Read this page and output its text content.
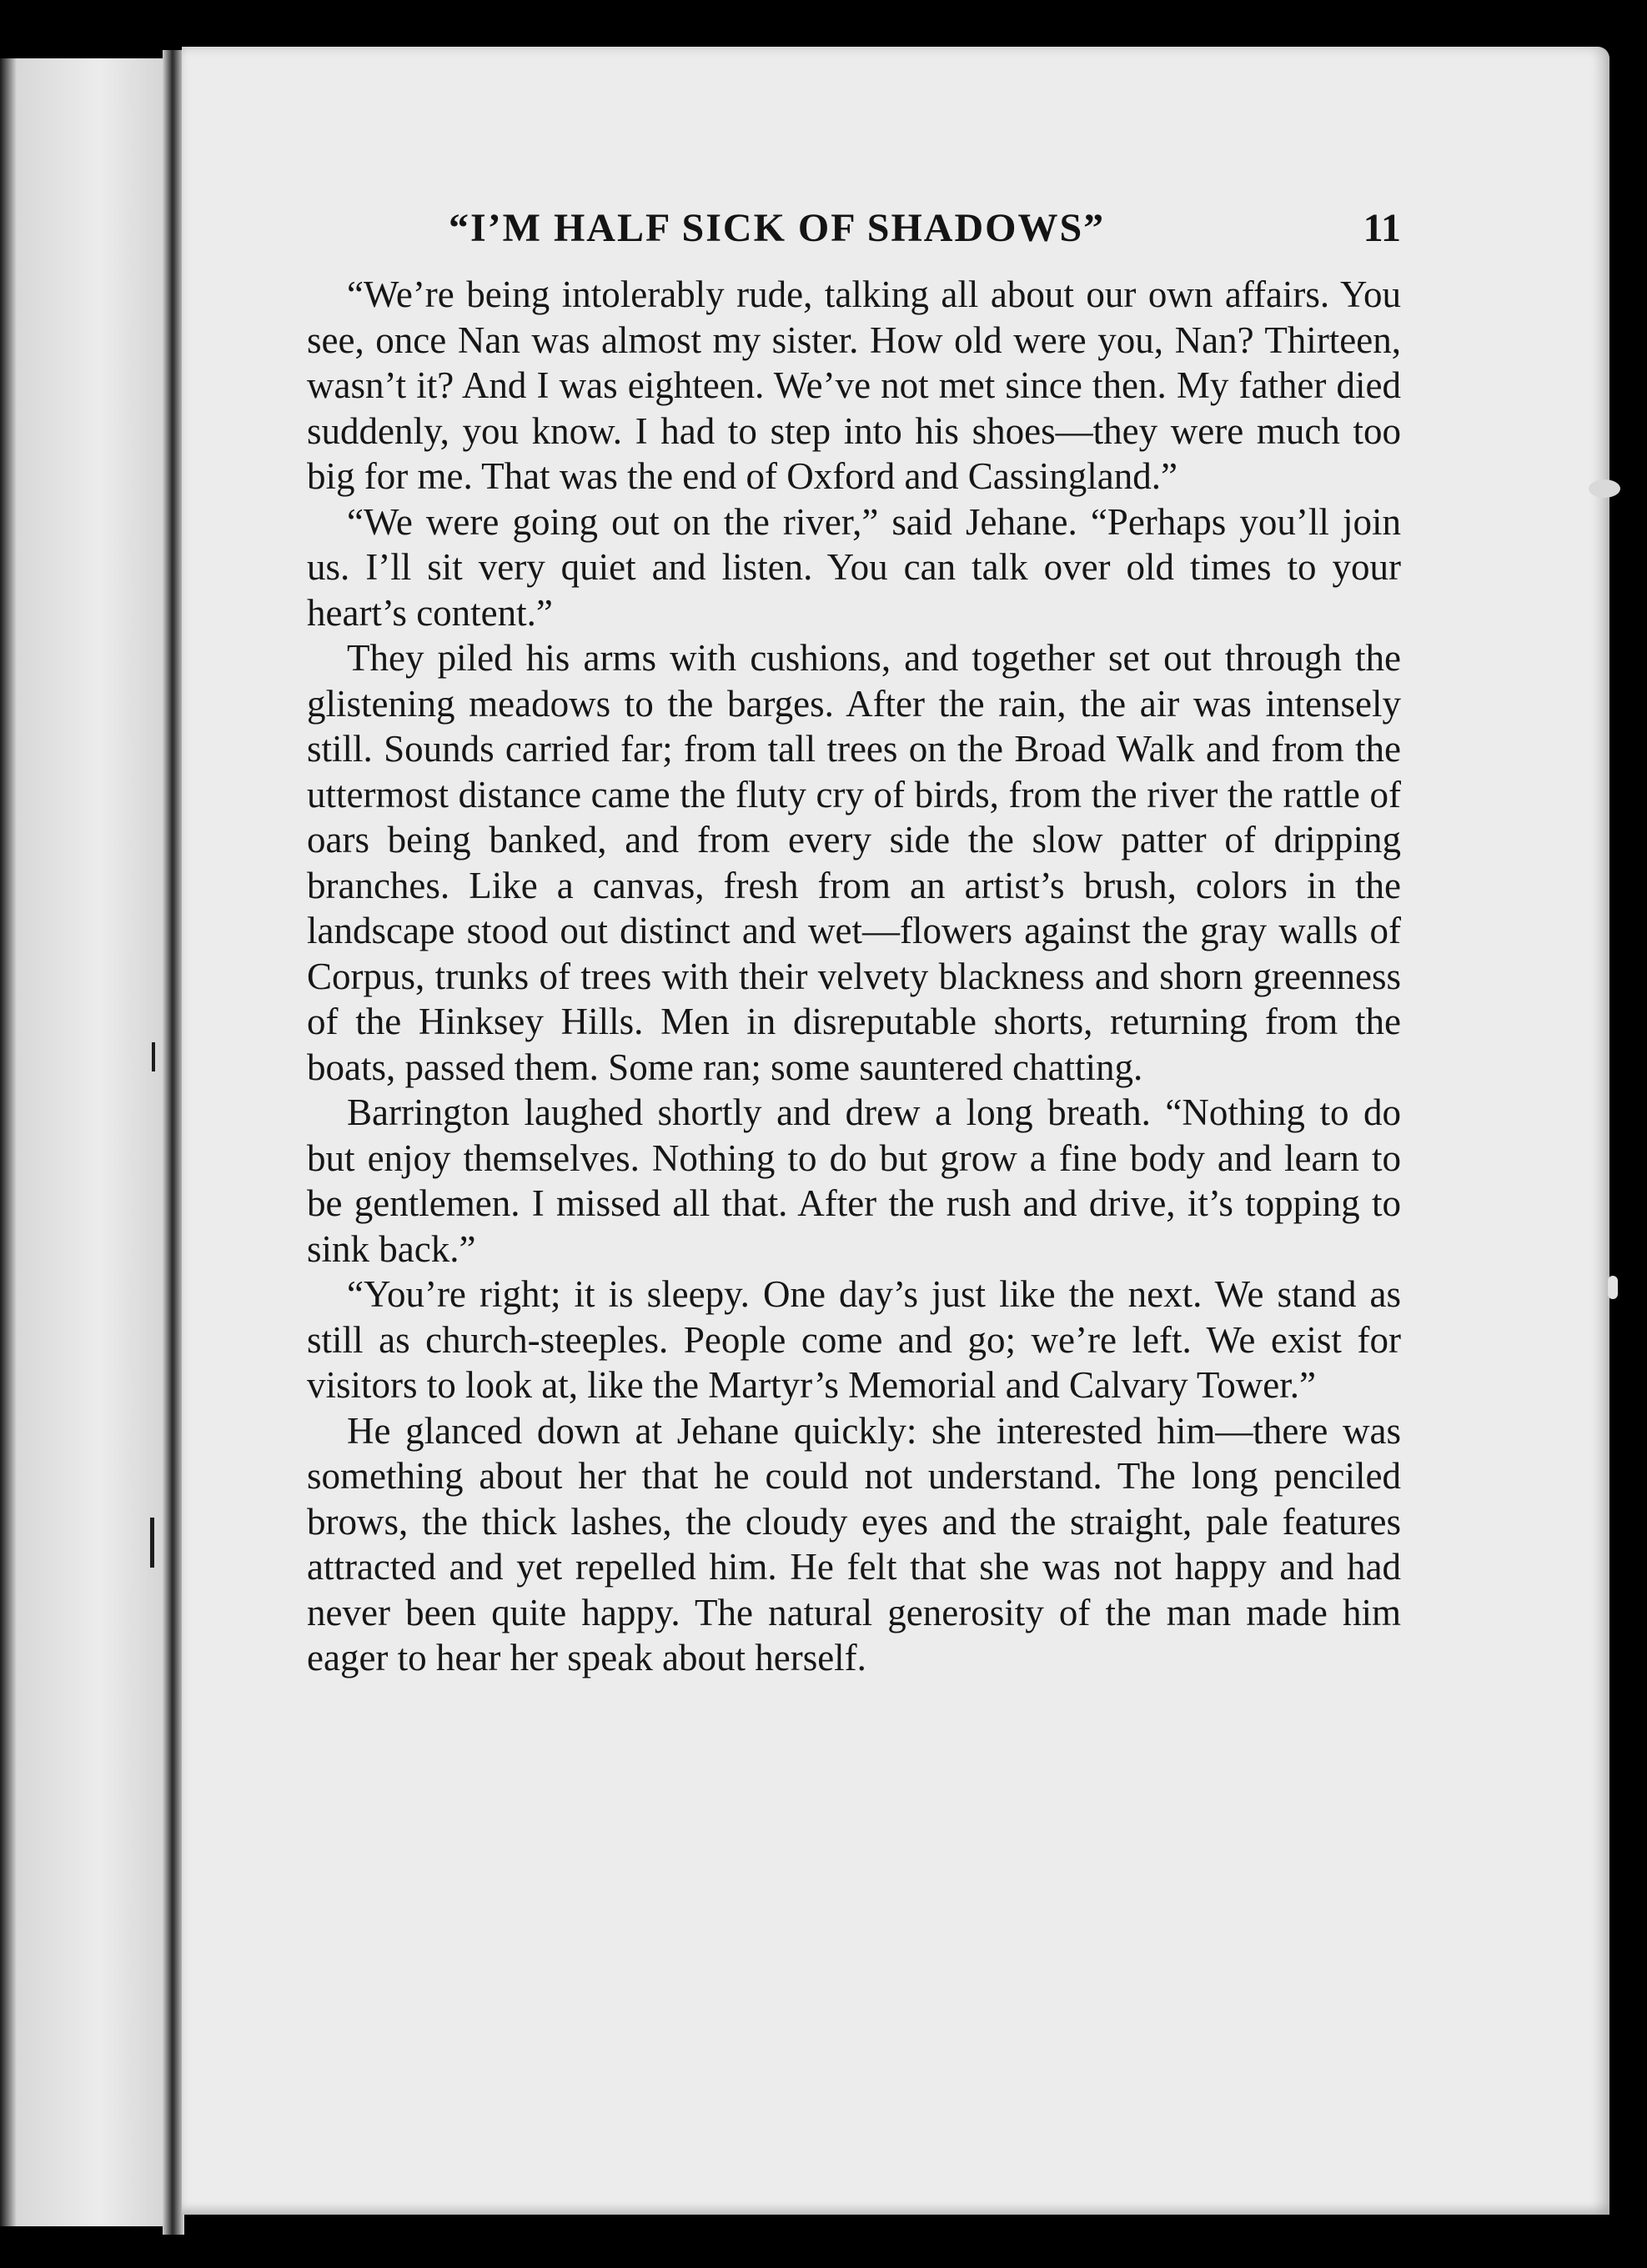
“I’M HALF SICK OF SHADOWS”	11

“We’re being intolerably rude, talking all about our own affairs. You see, once Nan was almost my sister. How old were you, Nan? Thirteen, wasn’t it? And I was eighteen. We’ve not met since then. My father died suddenly, you know. I had to step into his shoes—they were much too big for me. That was the end of Oxford and Cassingland.”

“We were going out on the river,” said Jehane. “Perhaps you’ll join us. I’ll sit very quiet and listen. You can talk over old times to your heart’s content.”

They piled his arms with cushions, and together set out through the glistening meadows to the barges. After the rain, the air was intensely still. Sounds carried far; from tall trees on the Broad Walk and from the uttermost distance came the fluty cry of birds, from the river the rattle of oars being banked, and from every side the slow patter of dripping branches. Like a canvas, fresh from an artist’s brush, colors in the landscape stood out distinct and wet—flowers against the gray walls of Corpus, trunks of trees with their velvety blackness and shorn greenness of the Hinksey Hills. Men in disreputable shorts, returning from the boats, passed them. Some ran; some sauntered chatting.

Barrington laughed shortly and drew a long breath. “Nothing to do but enjoy themselves. Nothing to do but grow a fine body and learn to be gentlemen. I missed all that. After the rush and drive, it’s topping to sink back.”

“You’re right; it is sleepy. One day’s just like the next. We stand as still as church-steeples. People come and go; we’re left. We exist for visitors to look at, like the Martyr’s Memorial and Calvary Tower.”

He glanced down at Jehane quickly: she interested him—there was something about her that he could not understand. The long penciled brows, the thick lashes, the cloudy eyes and the straight, pale features attracted and yet repelled him. He felt that she was not happy and had never been quite happy. The natural generosity of the man made him eager to hear her speak about herself.
